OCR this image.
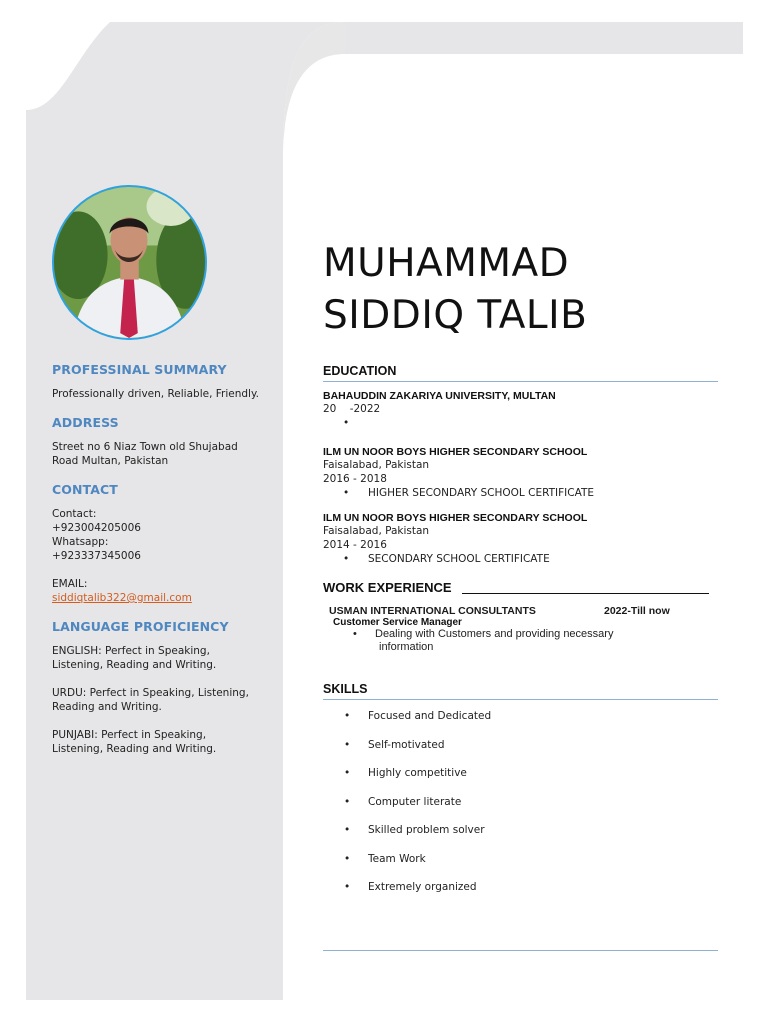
PROFESSINAL SUMMARY
Professionally driven, Reliable, Friendly.
ADDRESS
Street no 6 Niaz Town old Shujabad
Road Multan, Pakistan
CONTACT
Contact:
+923004205006
Whatsapp:
+923337345006
EMAIL:
siddiqtalib322@gmail.com
LANGUAGE PROFICIENCY
ENGLISH: Perfect in Speaking,
Listening, Reading and Writing.
URDU: Perfect in Speaking, Listening,
Reading and Writing.
PUNJABI: Perfect in Speaking,
Listening, Reading and Writing.
MUHAMMAD
SIDDIQ TALIB
EDUCATION
BAHAUDDIN ZAKARIYA UNIVERSITY, MULTAN
20    -2022
•
ILM UN NOOR BOYS HIGHER SECONDARY SCHOOL
Faisalabad, Pakistan
2016 - 2018
• HIGHER SECONDARY SCHOOL CERTIFICATE
ILM UN NOOR BOYS HIGHER SECONDARY SCHOOL
Faisalabad, Pakistan
2014 - 2016
• SECONDARY SCHOOL CERTIFICATE
WORK EXPERIENCE
USMAN INTERNATIONAL CONSULTANTS	2022-Till now
Customer Service Manager
•	Dealing with Customers and providing necessary
information
SKILLS
• Focused and Dedicated
• Self-motivated
• Highly competitive
• Computer literate
• Skilled problem solver
• Team Work
• Extremely organized
